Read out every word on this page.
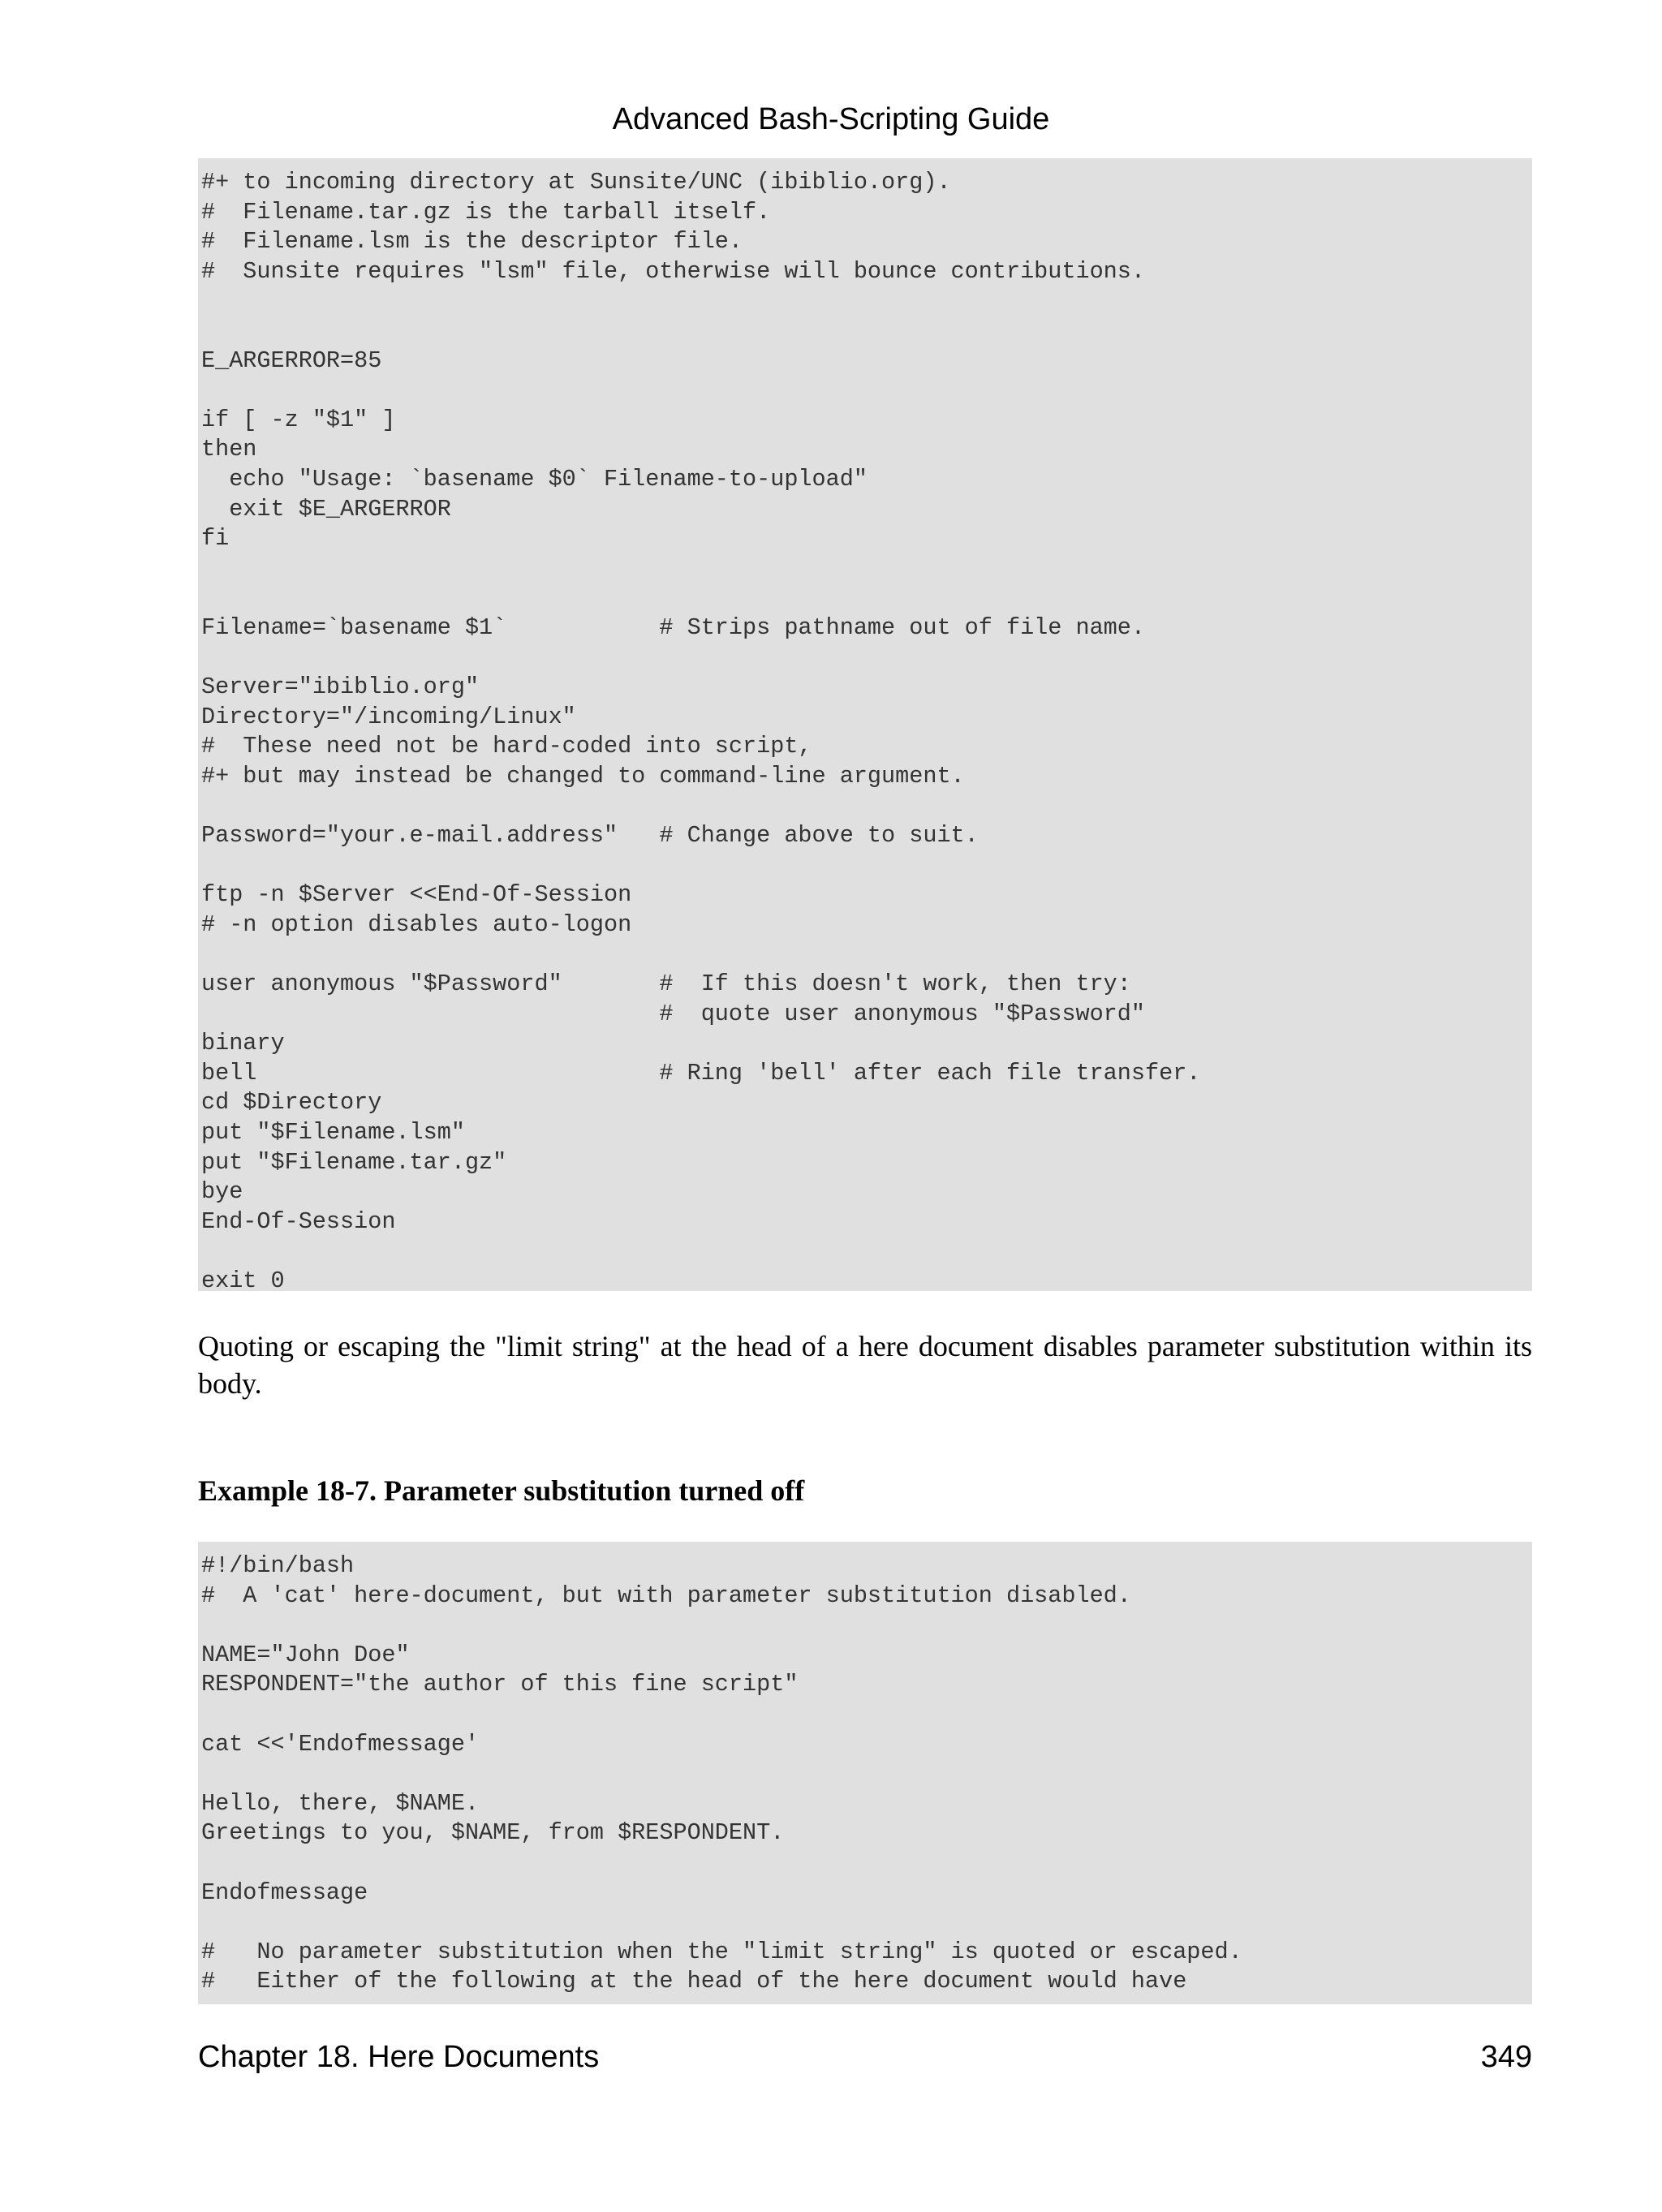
Advanced Bash-Scripting Guide
#+ to incoming directory at Sunsite/UNC (ibiblio.org).
#  Filename.tar.gz is the tarball itself.
#  Filename.lsm is the descriptor file.
#  Sunsite requires "lsm" file, otherwise will bounce contributions.

E_ARGERROR=85

if [ -z "$1" ]
then
echo "Usage: `basename $0` Filename-to-upload"
exit $E_ARGERROR
fi

Filename=`basename $1`           # Strips pathname out of file name.

Server="ibiblio.org"
Directory="/incoming/Linux"
#  These need not be hard-coded into script,
#+ but may instead be changed to command-line argument.

Password="your.e-mail.address"   # Change above to suit.

ftp -n $Server <<End-Of-Session
# -n option disables auto-logon

user anonymous "$Password"       #  If this doesn't work, then try:
#  quote user anonymous "$Password"
binary
bell                             # Ring 'bell' after each file transfer.
cd $Directory
put "$Filename.lsm"
put "$Filename.tar.gz"
bye
End-Of-Session

exit 0

Quoting or escaping the "limit string" at the head of a here document disables parameter substitution within its body.

Example 18-7. Parameter substitution turned off

#!/bin/bash
#  A 'cat' here-document, but with parameter substitution disabled.

NAME="John Doe"
RESPONDENT="the author of this fine script"

cat <<'Endofmessage'

Hello, there, $NAME.
Greetings to you, $NAME, from $RESPONDENT.

Endofmessage

#   No parameter substitution when the "limit string" is quoted or escaped.
#   Either of the following at the head of the here document would have
Chapter 18. Here Documents	349
